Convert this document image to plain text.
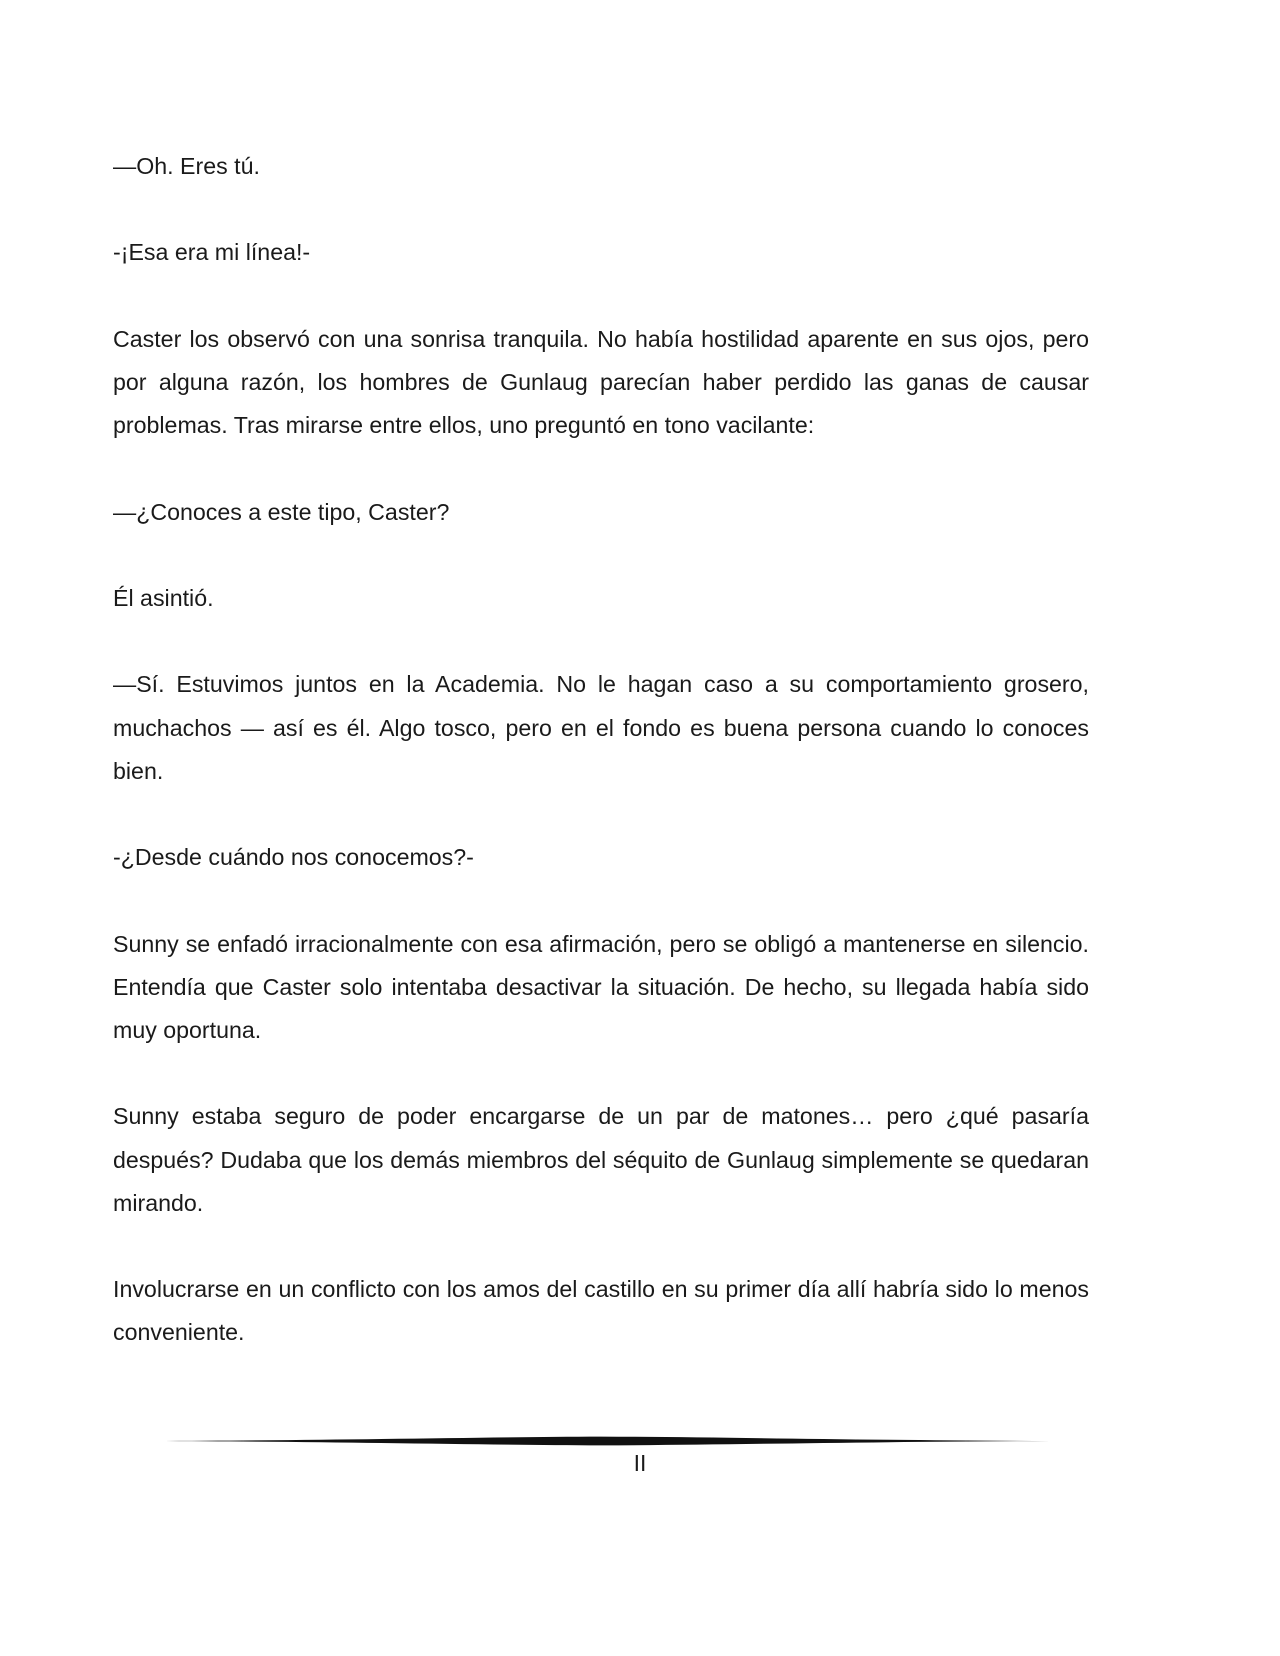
—Oh. Eres tú.

-¡Esa era mi línea!-

Caster los observó con una sonrisa tranquila. No había hostilidad aparente en sus ojos, pero por alguna razón, los hombres de Gunlaug parecían haber perdido las ganas de causar problemas. Tras mirarse entre ellos, uno preguntó en tono vacilante:

—¿Conoces a este tipo, Caster?

Él asintió.

—Sí. Estuvimos juntos en la Academia. No le hagan caso a su comportamiento grosero, muchachos — así es él. Algo tosco, pero en el fondo es buena persona cuando lo conoces bien.

-¿Desde cuándo nos conocemos?-

Sunny se enfadó irracionalmente con esa afirmación, pero se obligó a mantenerse en silencio. Entendía que Caster solo intentaba desactivar la situación. De hecho, su llegada había sido muy oportuna.

Sunny estaba seguro de poder encargarse de un par de matones… pero ¿qué pasaría después? Dudaba que los demás miembros del séquito de Gunlaug simplemente se quedaran mirando.

Involucrarse en un conflicto con los amos del castillo en su primer día allí habría sido lo menos conveniente.

II
